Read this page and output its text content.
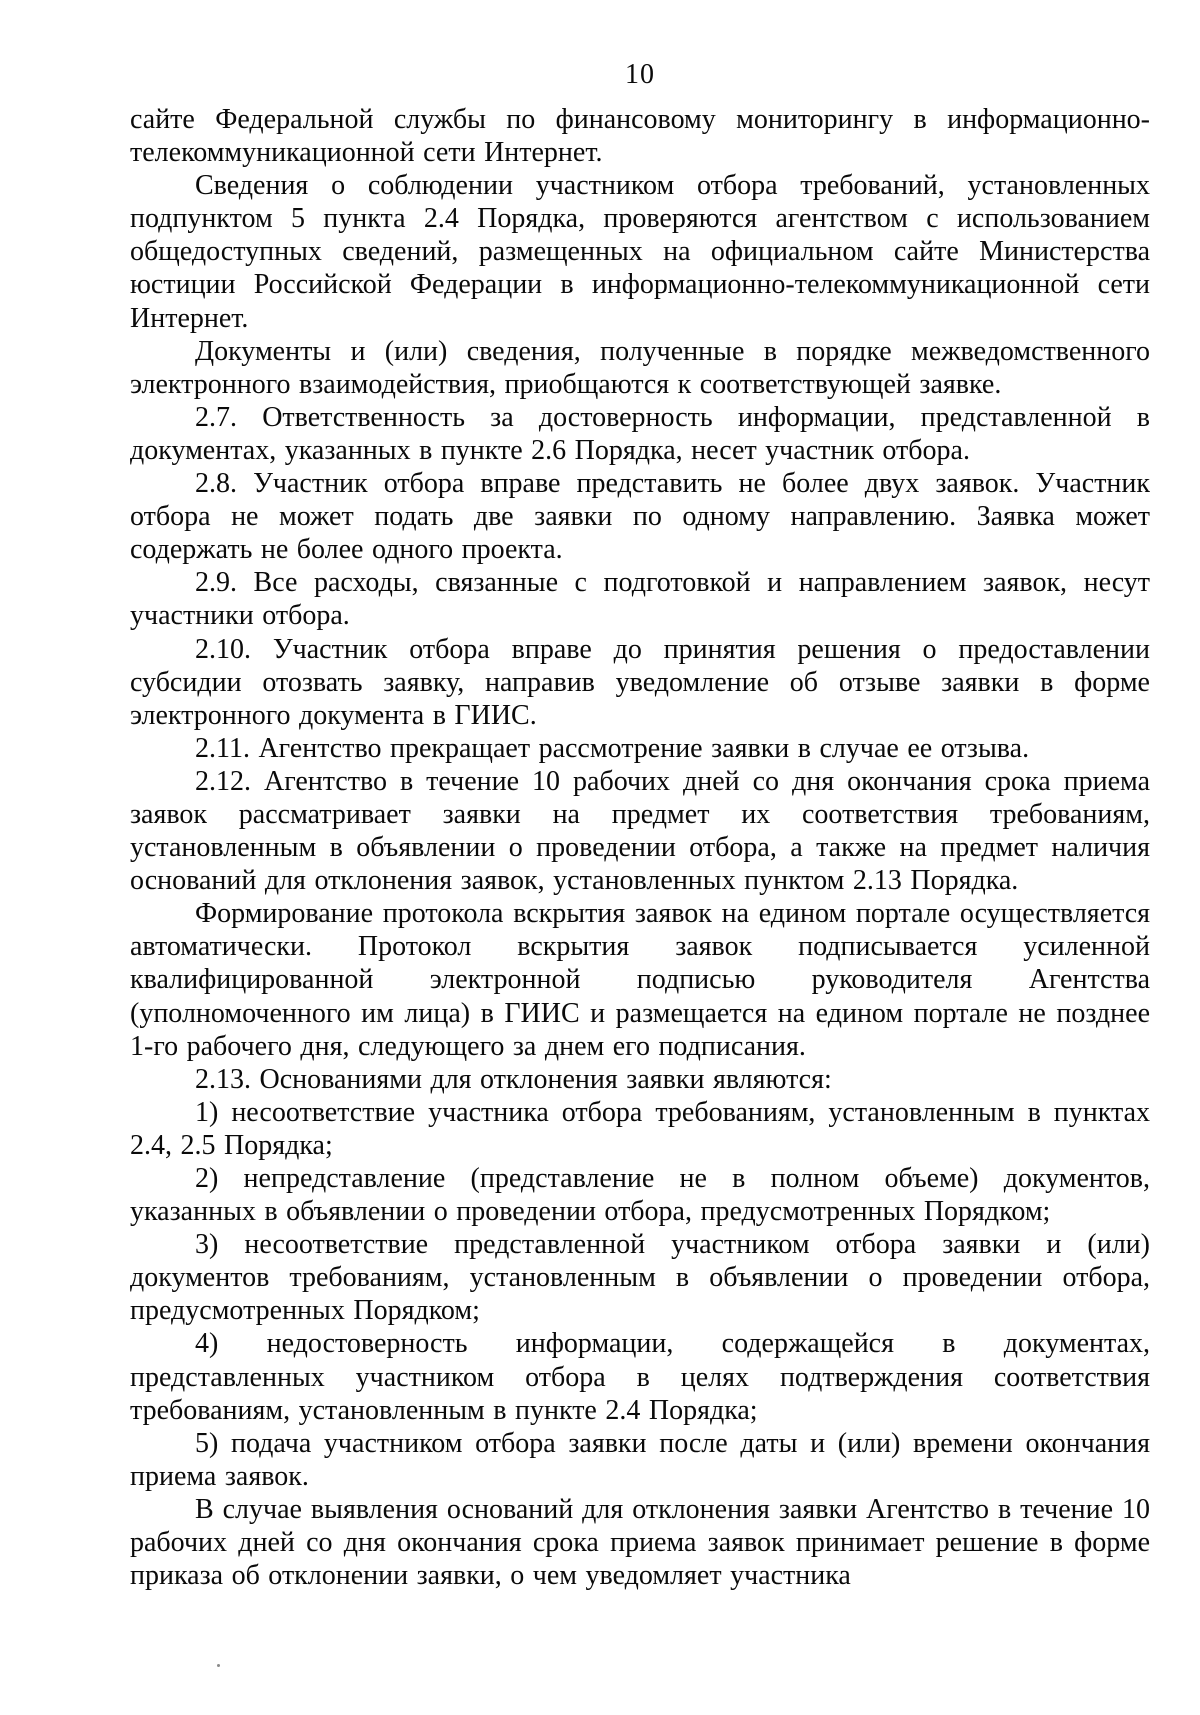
10

сайте Федеральной службы по финансовому мониторингу в информационно-телекоммуникационной сети Интернет.

Сведения о соблюдении участником отбора требований, установленных подпунктом 5 пункта 2.4 Порядка, проверяются агентством с использованием общедоступных сведений, размещенных на официальном сайте Министерства юстиции Российской Федерации в информационно-телекоммуникационной сети Интернет.

Документы и (или) сведения, полученные в порядке межведомственного электронного взаимодействия, приобщаются к соответствующей заявке.

2.7. Ответственность за достоверность информации, представленной в документах, указанных в пункте 2.6 Порядка, несет участник отбора.

2.8. Участник отбора вправе представить не более двух заявок. Участник отбора не может подать две заявки по одному направлению. Заявка может содержать не более одного проекта.

2.9. Все расходы, связанные с подготовкой и направлением заявок, несут участники отбора.

2.10. Участник отбора вправе до принятия решения о предоставлении субсидии отозвать заявку, направив уведомление об отзыве заявки в форме электронного документа в ГИИС.

2.11. Агентство прекращает рассмотрение заявки в случае ее отзыва.

2.12. Агентство в течение 10 рабочих дней со дня окончания срока приема заявок рассматривает заявки на предмет их соответствия требованиям, установленным в объявлении о проведении отбора, а также на предмет наличия оснований для отклонения заявок, установленных пунктом 2.13 Порядка.

Формирование протокола вскрытия заявок на едином портале осуществляется автоматически. Протокол вскрытия заявок подписывается усиленной квалифицированной электронной подписью руководителя Агентства (уполномоченного им лица) в ГИИС и размещается на едином портале не позднее 1-го рабочего дня, следующего за днем его подписания.

2.13. Основаниями для отклонения заявки являются:

1) несоответствие участника отбора требованиям, установленным в пунктах 2.4, 2.5 Порядка;

2) непредставление (представление не в полном объеме) документов, указанных в объявлении о проведении отбора, предусмотренных Порядком;

3) несоответствие представленной участником отбора заявки и (или) документов требованиям, установленным в объявлении о проведении отбора, предусмотренных Порядком;

4) недостоверность информации, содержащейся в документах, представленных участником отбора в целях подтверждения соответствия требованиям, установленным в пункте 2.4 Порядка;

5) подача участником отбора заявки после даты и (или) времени окончания приема заявок.

В случае выявления оснований для отклонения заявки Агентство в течение 10 рабочих дней со дня окончания срока приема заявок принимает решение в форме приказа об отклонении заявки, о чем уведомляет участника
